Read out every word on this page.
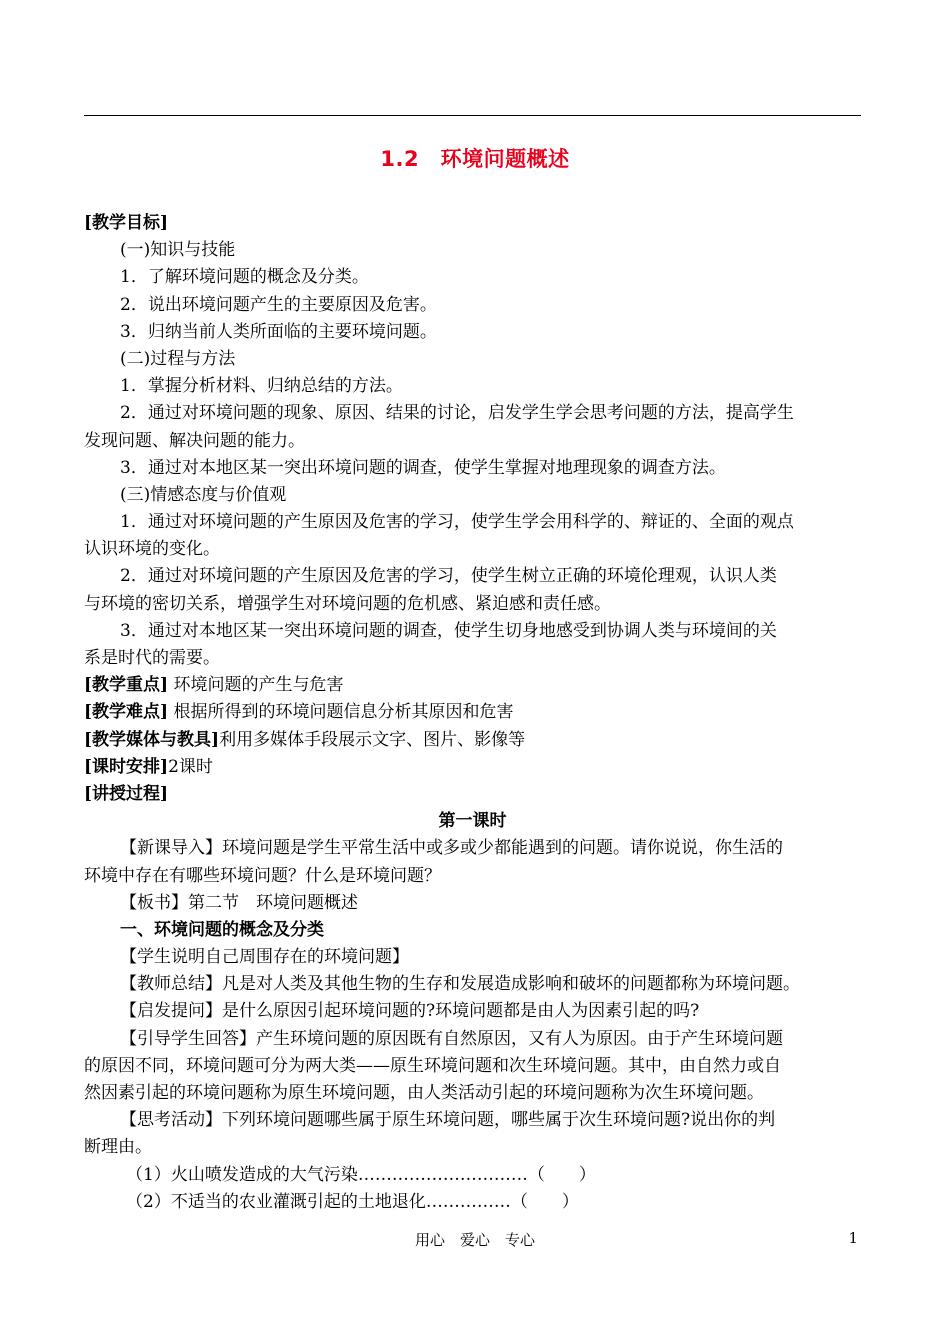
1.2　环境问题概述
[教学目标]
(一)知识与技能
1．了解环境问题的概念及分类。
2．说出环境问题产生的主要原因及危害。
3．归纳当前人类所面临的主要环境问题。
(二)过程与方法
1．掌握分析材料、归纳总结的方法。
2．通过对环境问题的现象、原因、结果的讨论，启发学生学会思考问题的方法，提高学生
发现问题、解决问题的能力。
3．通过对本地区某一突出环境问题的调查，使学生掌握对地理现象的调查方法。
(三)情感态度与价值观
1．通过对环境问题的产生原因及危害的学习，使学生学会用科学的、辩证的、全面的观点
认识环境的变化。
2．通过对环境问题的产生原因及危害的学习，使学生树立正确的环境伦理观，认识人类
与环境的密切关系，增强学生对环境问题的危机感、紧迫感和责任感。
3．通过对本地区某一突出环境问题的调查，使学生切身地感受到协调人类与环境间的关
系是时代的需要。
[教学重点] 环境问题的产生与危害
[教学难点] 根据所得到的环境问题信息分析其原因和危害
[教学媒体与教具]利用多媒体手段展示文字、图片、影像等
[课时安排]2课时
[讲授过程]
第一课时
【新课导入】环境问题是学生平常生活中或多或少都能遇到的问题。请你说说，你生活的
环境中存在有哪些环境问题？什么是环境问题？
【板书】第二节　环境问题概述
一、环境问题的概念及分类
【学生说明自己周围存在的环境问题】
【教师总结】凡是对人类及其他生物的生存和发展造成影响和破坏的问题都称为环境问题。
【启发提问】是什么原因引起环境问题的?环境问题都是由人为因素引起的吗?
【引导学生回答】产生环境问题的原因既有自然原因，又有人为原因。由于产生环境问题
的原因不同，环境问题可分为两大类——原生环境问题和次生环境问题。其中，由自然力或自
然因素引起的环境问题称为原生环境问题，由人类活动引起的环境问题称为次生环境问题。
【思考活动】下列环境问题哪些属于原生环境问题，哪些属于次生环境问题?说出你的判
断理由。
（1）火山喷发造成的大气污染…………………………（　　）
（2）不适当的农业灌溉引起的土地退化……………（　　）
用心　爱心　专心	1
